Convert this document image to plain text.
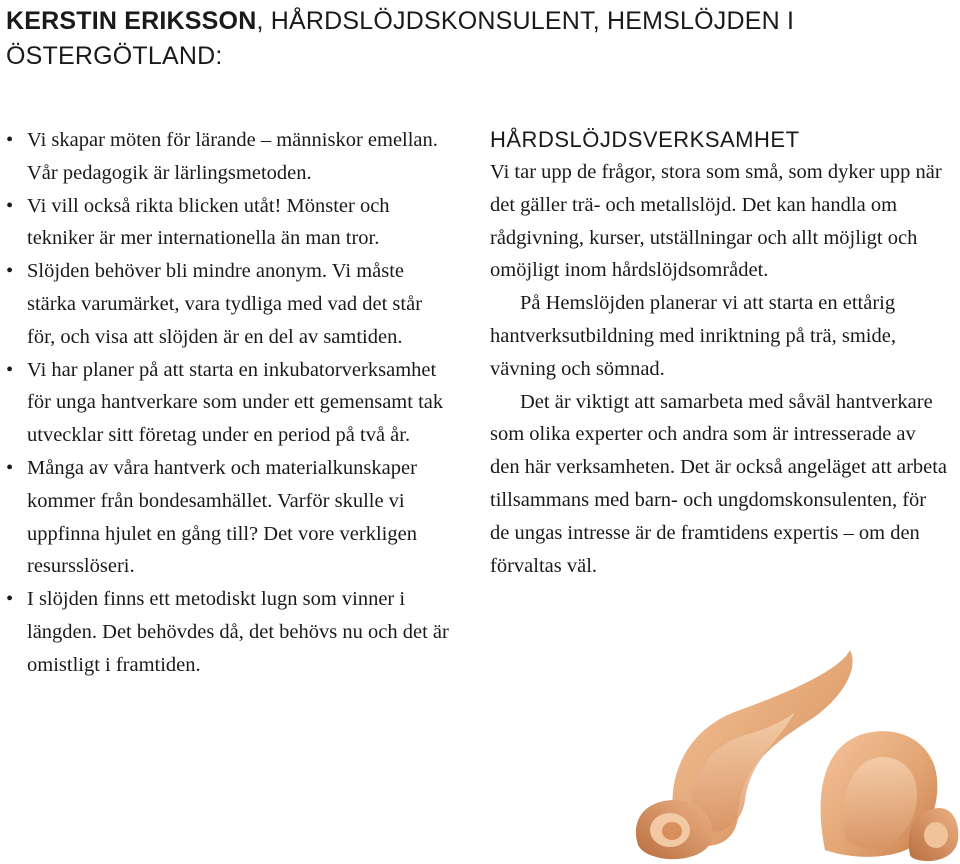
KERSTIN ERIKSSON, HÅRDSLÖJDSKONSULENT, HEMSLÖJDEN I ÖSTERGÖTLAND:
• Vi skapar möten för lärande – människor emellan. Vår pedagogik är lärlingsmetoden.
• Vi vill också rikta blicken utåt! Mönster och tekniker är mer internationella än man tror.
• Slöjden behöver bli mindre anonym. Vi måste stärka varumärket, vara tydliga med vad det står för, och visa att slöjden är en del av samtiden.
• Vi har planer på att starta en inkubatorverksamhet för unga hantverkare som under ett gemensamt tak utvecklar sitt företag under en period på två år.
• Många av våra hantverk och materialkunskaper kommer från bondesamhället. Varför skulle vi uppfinna hjulet en gång till? Det vore verkligen resursslöseri.
• I slöjden finns ett metodiskt lugn som vinner i längden. Det behövdes då, det behövs nu och det är omistligt i framtiden.
HÅRDSLÖJDSVERKSAMHET

Vi tar upp de frågor, stora som små, som dyker upp när det gäller trä- och metallslöjd. Det kan handla om rådgivning, kurser, utställningar och allt möjligt och omöjligt inom hårdslöjdsområdet.

På Hemslöjden planerar vi att starta en ettårig hantverksutbildning med inriktning på trä, smide, vävning och sömnad.

Det är viktigt att samarbeta med såväl hantverkare som olika experter och andra som är intresserade av den här verksamheten. Det är också angeläget att arbeta tillsammans med barn- och ungdomskonsulenten, för de ungas intresse är de framtidens expertis – om den förvaltas väl.
